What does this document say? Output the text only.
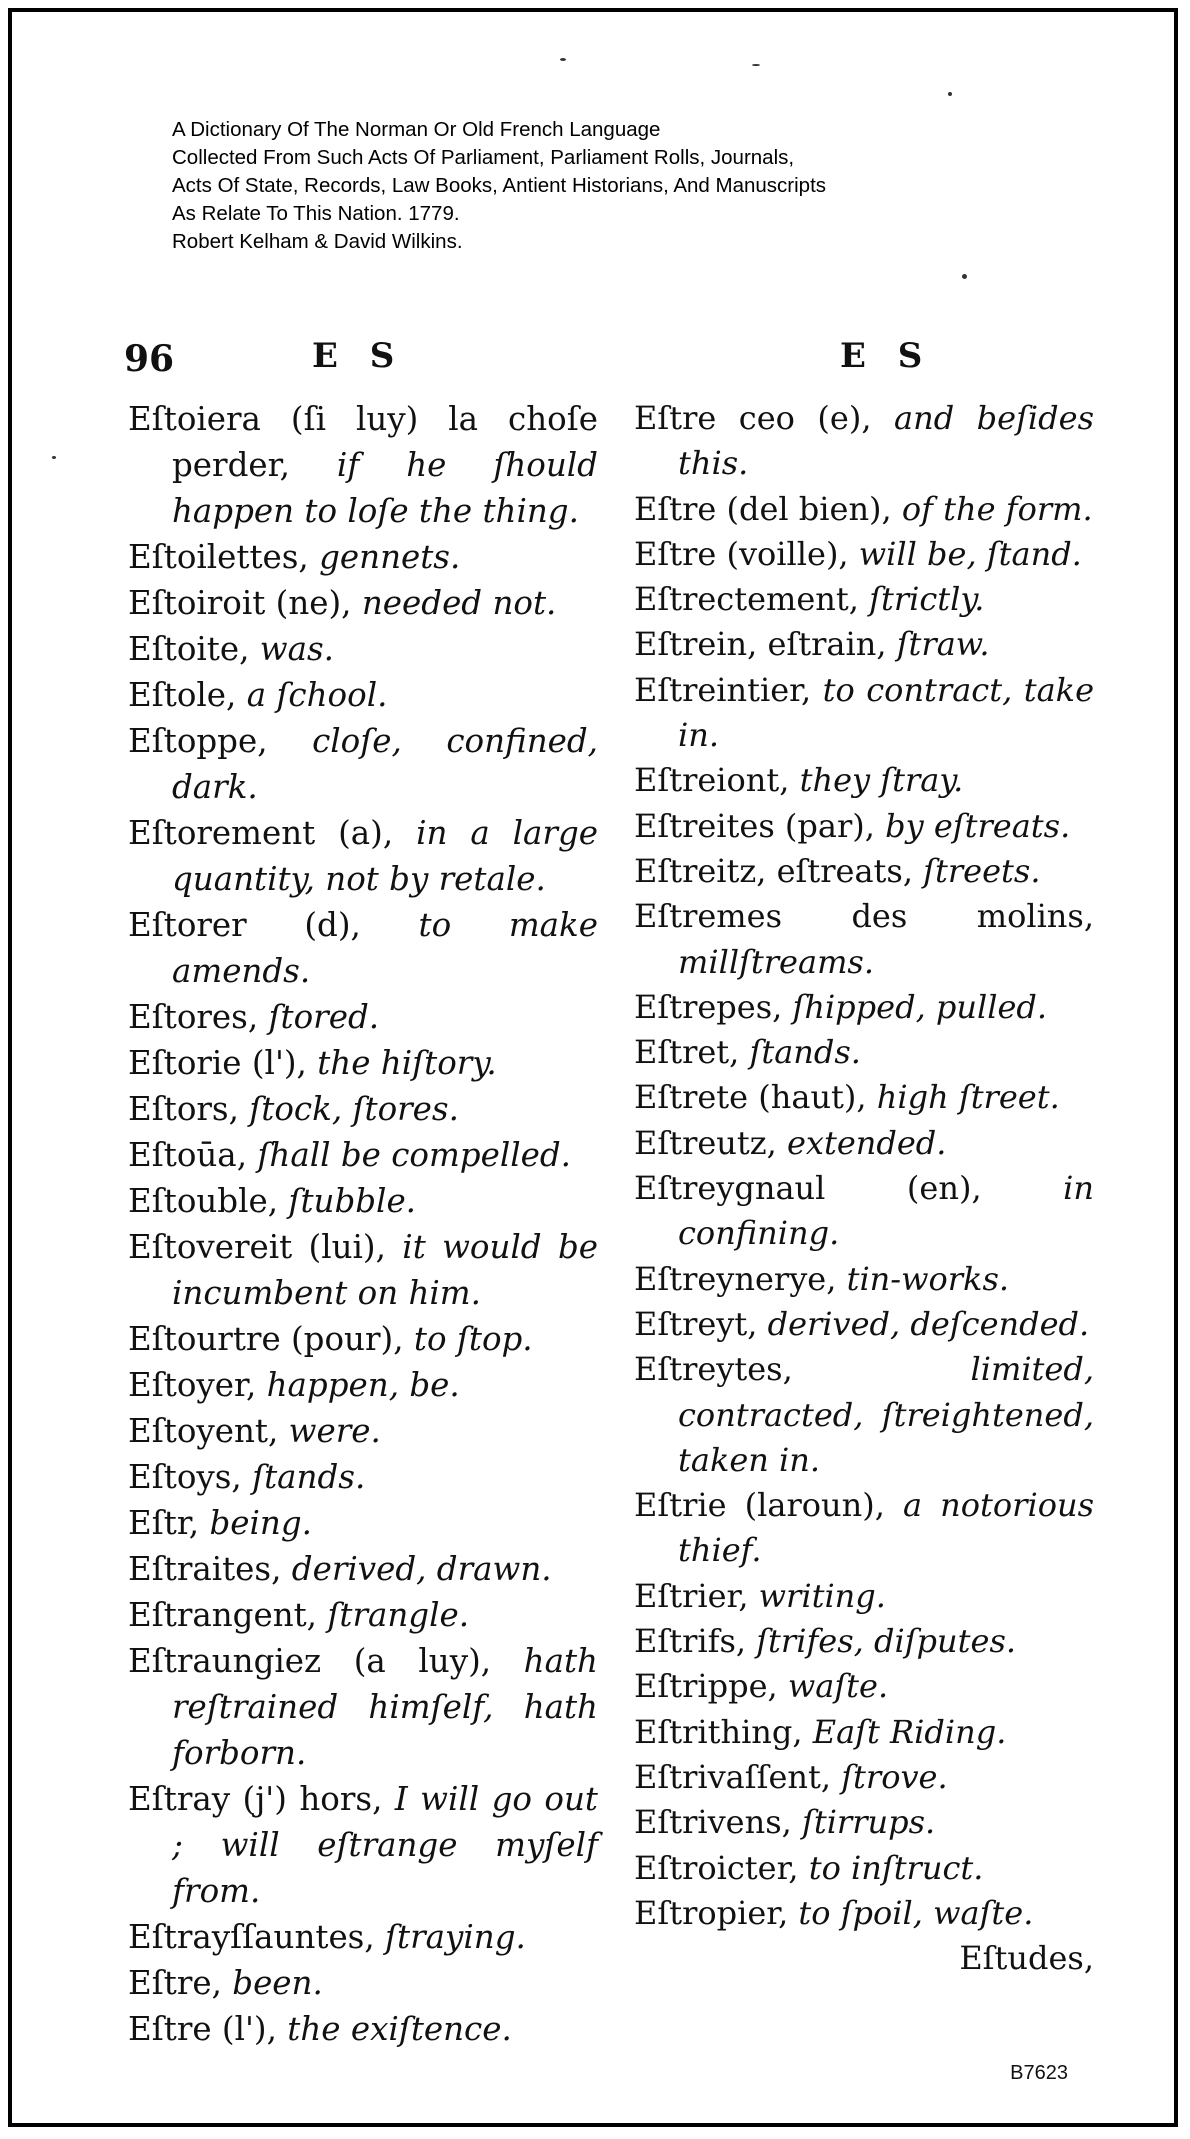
A Dictionary Of The Norman Or Old French Language
Collected From Such Acts Of Parliament, Parliament Rolls, Journals,
Acts Of State, Records, Law Books, Antient Historians, And Manuscripts
As Relate To This Nation. 1779.
Robert Kelham & David Wilkins.
96	E S	E S
Eſtoiera (ſi luy) la choſe perder, if he ſhould happen to loſe the thing.
Eſtoilettes, gennets.
Eſtoiroit (ne), needed not.
Eſtoite, was.
Eſtole, a ſchool.
Eſtoppe, cloſe, confined, dark.
Eſtorement (a), in a large quantity, not by retale.
Eſtorer (d), to make amends.
Eſtores, ſtored.
Eſtorie (l'), the hiſtory.
Eſtors, ſtock, ſtores.
Eſtoūa, ſhall be compelled.
Eſtouble, ſtubble.
Eſtovereit (lui), it would be incumbent on him.
Eſtourtre (pour), to ſtop.
Eſtoyer, happen, be.
Eſtoyent, were.
Eſtoys, ſtands.
Eſtr, being.
Eſtraites, derived, drawn.
Eſtrangent, ſtrangle.
Eſtraungiez (a luy), hath reſtrained himſelf, hath forborn.
Eſtray (j') hors, I will go out ; will eſtrange myſelf from.
Eſtrayſſauntes, ſtraying.
Eſtre, been.
Eſtre (l'), the exiſtence.
Eſtre ceo (e), and beſides this.
Eſtre (del bien), of the form.
Eſtre (voille), will be, ſtand.
Eſtrectement, ſtrictly.
Eſtrein, eſtrain, ſtraw.
Eſtreintier, to contract, take in.
Eſtreiont, they ſtray.
Eſtreites (par), by eſtreats.
Eſtreitz, eſtreats, ſtreets.
Eſtremes des molins, millſtreams.
Eſtrepes, ſhipped, pulled.
Eſtret, ſtands.
Eſtrete (haut), high ſtreet.
Eſtreutz, extended.
Eſtreygnaul (en),	in confining.
Eſtreynerye, tin-works.
Eſtreyt, derived, deſcended.
Eſtreytes,	limited, contracted, ſtreightened, taken in.
Eſtrie (laroun), a notorious thief.
Eſtrier, writing.
Eſtrifs, ſtrifes, diſputes.
Eſtrippe, waſte.
Eſtrithing, Eaſt Riding.
Eſtrivaſſent, ſtrove.
Eſtrivens, ſtirrups.
Eſtroicter, to inſtruct.
Eſtropier, to ſpoil, waſte.
Eſtudes,
B7623
